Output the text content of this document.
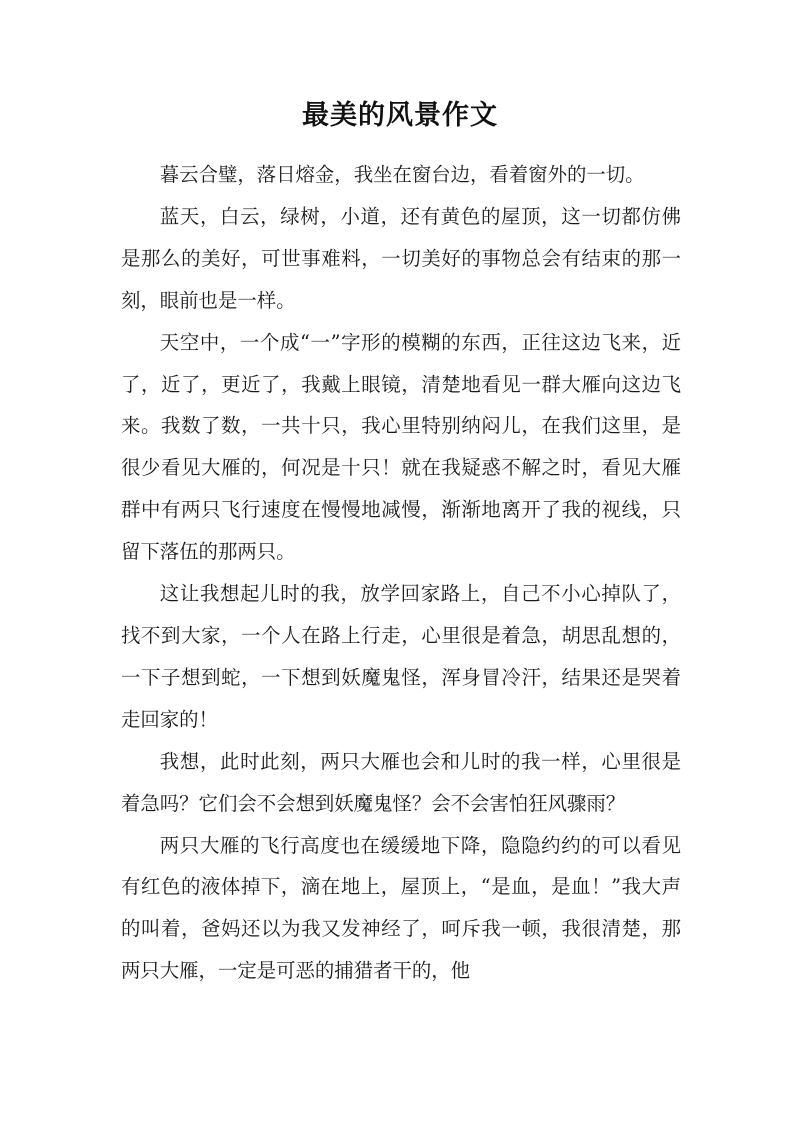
最美的风景作文

暮云合璧，落日熔金，我坐在窗台边，看着窗外的一切。

蓝天，白云，绿树，小道，还有黄色的屋顶，这一切都仿佛是那么的美好，可世事难料，一切美好的事物总会有结束的那一刻，眼前也是一样。

天空中，一个成“一”字形的模糊的东西，正往这边飞来，近了，近了，更近了，我戴上眼镜，清楚地看见一群大雁向这边飞来。我数了数，一共十只，我心里特别纳闷儿，在我们这里，是很少看见大雁的，何况是十只！就在我疑惑不解之时，看见大雁群中有两只飞行速度在慢慢地减慢，渐渐地离开了我的视线，只留下落伍的那两只。

这让我想起儿时的我，放学回家路上，自己不小心掉队了，找不到大家，一个人在路上行走，心里很是着急，胡思乱想的，一下子想到蛇，一下想到妖魔鬼怪，浑身冒冷汗，结果还是哭着走回家的！

我想，此时此刻，两只大雁也会和儿时的我一样，心里很是着急吗？它们会不会想到妖魔鬼怪？会不会害怕狂风骤雨？

两只大雁的飞行高度也在缓缓地下降，隐隐约约的可以看见有红色的液体掉下，滴在地上，屋顶上，“是血，是血！”我大声的叫着，爸妈还以为我又发神经了，呵斥我一顿，我很清楚，那两只大雁，一定是可恶的捕猎者干的，他
